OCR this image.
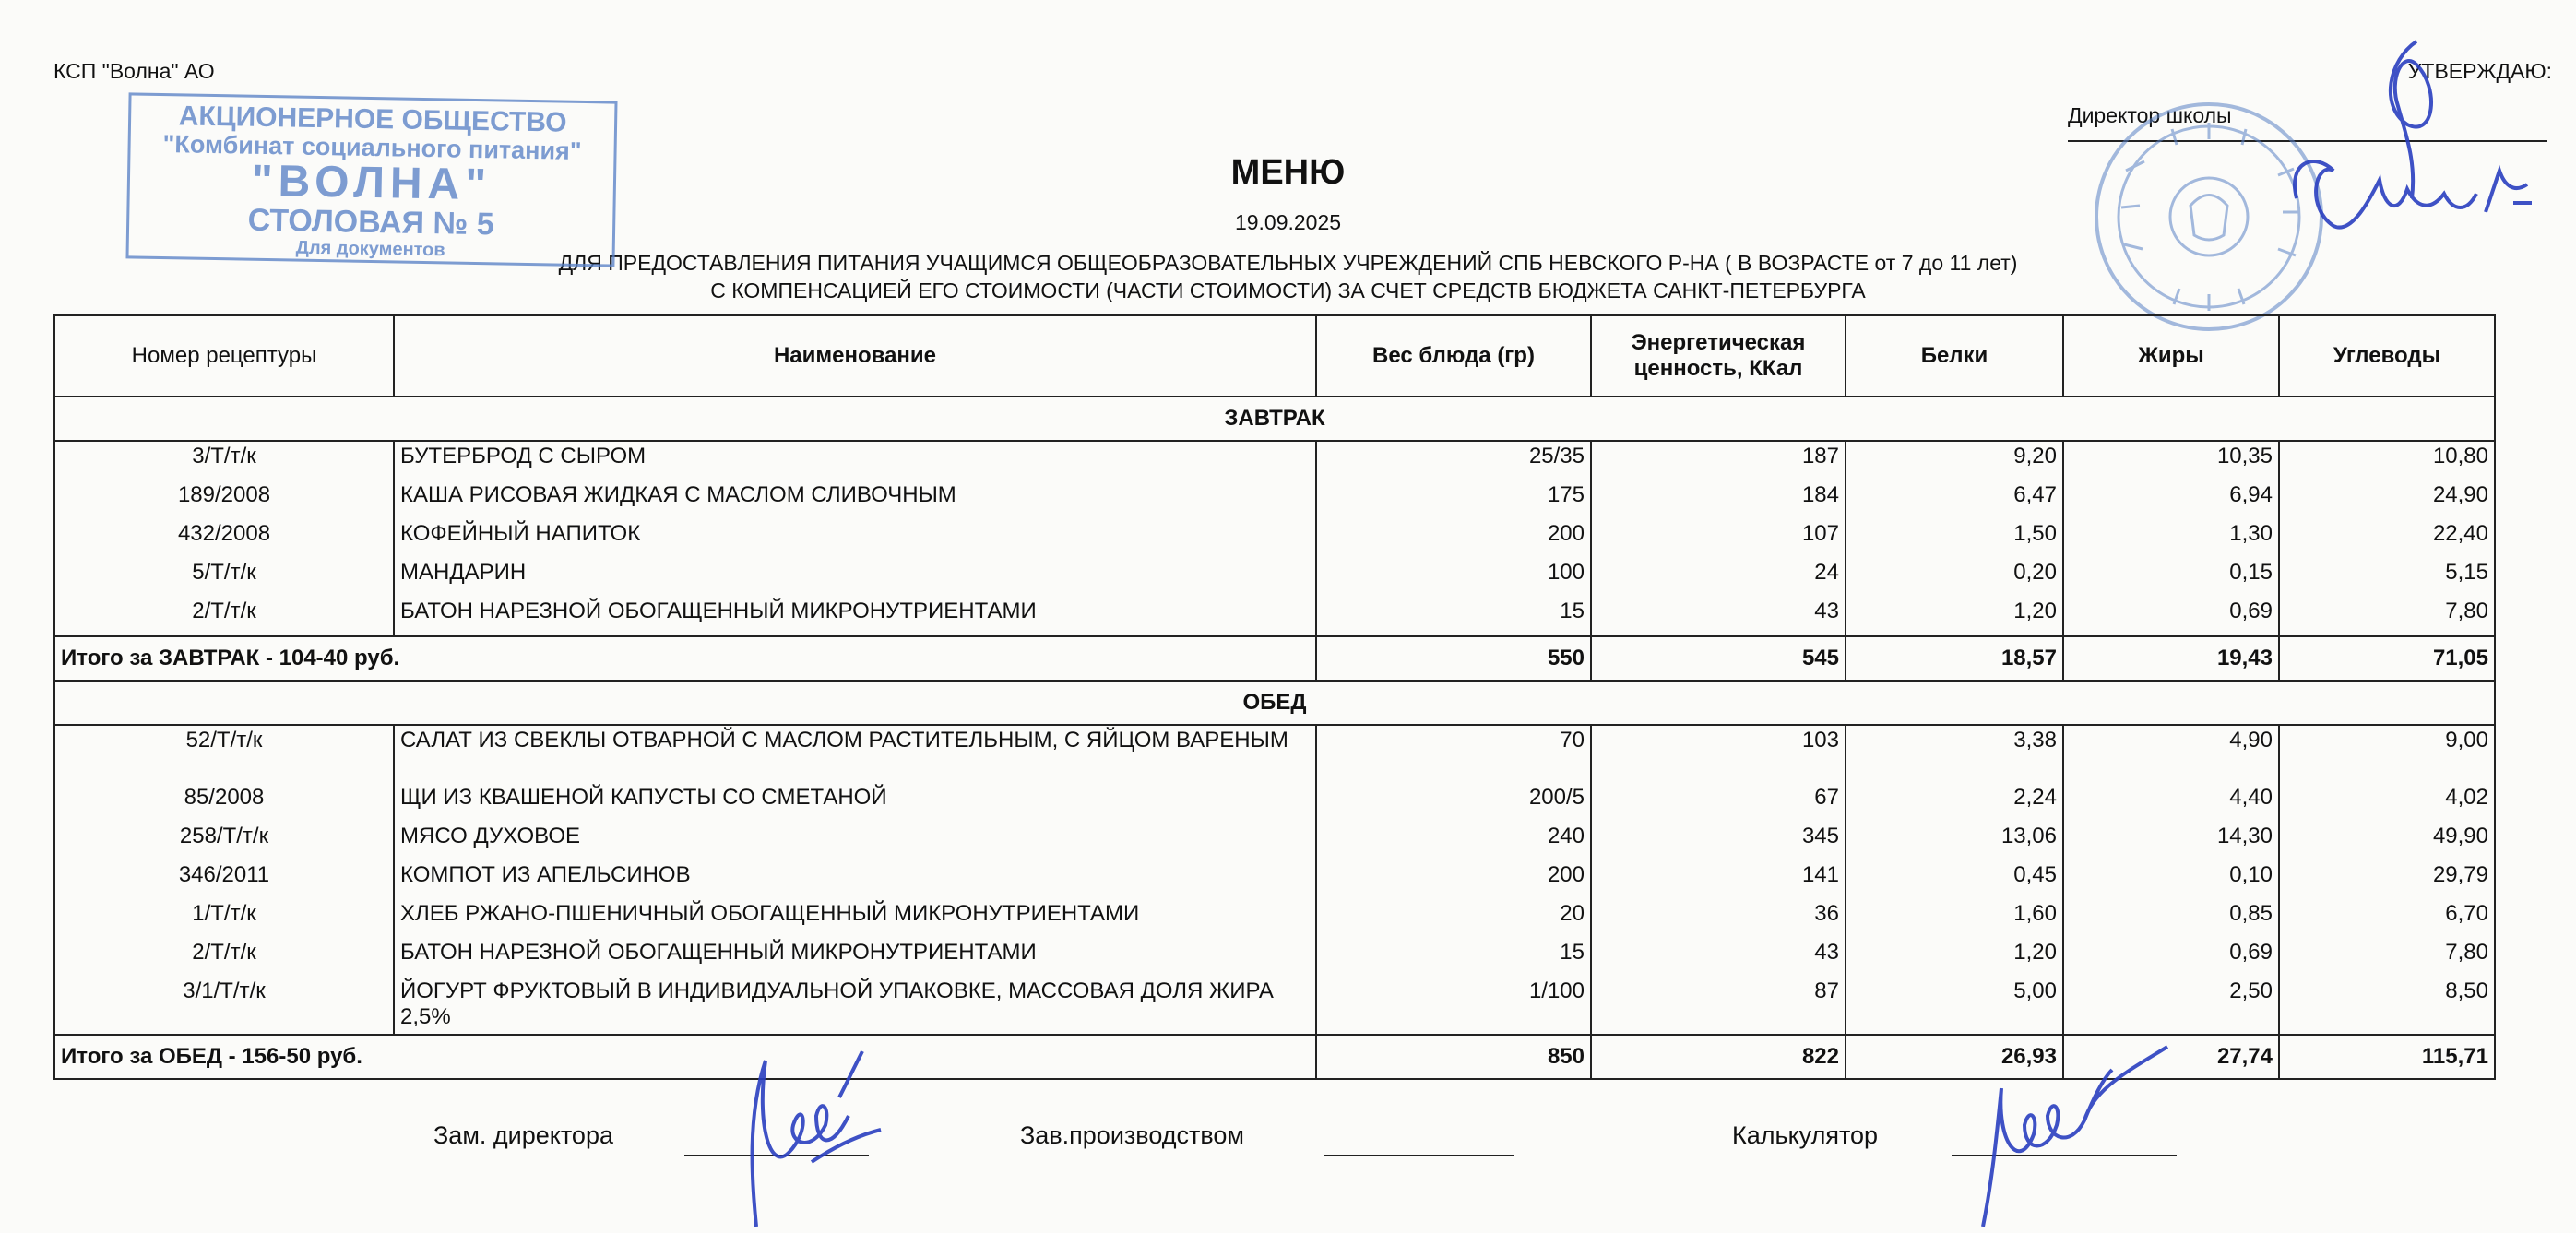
КСП "Волна" АО	УТВЕРЖДАЮ:
Директор школы
МЕНЮ
19.09.2025
ДЛЯ ПРЕДОСТАВЛЕНИЯ ПИТАНИЯ УЧАЩИМСЯ ОБЩЕОБРАЗОВАТЕЛЬНЫХ УЧРЕЖДЕНИЙ СПБ НЕВСКОГО Р-НА ( В ВОЗРАСТЕ от 7 до 11 лет)
С КОМПЕНСАЦИЕЙ ЕГО СТОИМОСТИ (ЧАСТИ СТОИМОСТИ) ЗА СЧЕТ СРЕДСТВ БЮДЖЕТА САНКТ-ПЕТЕРБУРГА
АКЦИОНЕРНОЕ ОБЩЕСТВО
"Комбинат социального питания"
"ВОЛНА"
СТОЛОВАЯ № 5
Для документов
Номер рецептуры	Наименование	Вес блюда (гр)	Энергетическая ценность, ККал	Белки	Жиры	Углеводы
ЗАВТРАК						
3/Т/т/к	БУТЕРБРОД С СЫРОМ	25/35	187	9,20	10,35	10,80
189/2008	КАША РИСОВАЯ ЖИДКАЯ С МАСЛОМ СЛИВОЧНЫМ	175	184	6,47	6,94	24,90
432/2008	КОФЕЙНЫЙ НАПИТОК	200	107	1,50	1,30	22,40
5/Т/т/к	МАНДАРИН	100	24	0,20	0,15	5,15
2/Т/т/к	БАТОН НАРЕЗНОЙ ОБОГАЩЕННЫЙ МИКРОНУТРИЕНТАМИ	15	43	1,20	0,69	7,80
Итого за ЗАВТРАК - 104-40 руб.		550	545	18,57	19,43	71,05
ОБЕД						
52/Т/т/к	САЛАТ ИЗ СВЕКЛЫ ОТВАРНОЙ С МАСЛОМ РАСТИТЕЛЬНЫМ, С ЯЙЦОМ ВАРЕНЫМ	70	103	3,38	4,90	9,00
85/2008	ЩИ ИЗ КВАШЕНОЙ КАПУСТЫ СО СМЕТАНОЙ	200/5	67	2,24	4,40	4,02
258/Т/т/к	МЯСО ДУХОВОЕ	240	345	13,06	14,30	49,90
346/2011	КОМПОТ ИЗ АПЕЛЬСИНОВ	200	141	0,45	0,10	29,79
1/Т/т/к	ХЛЕБ РЖАНО-ПШЕНИЧНЫЙ ОБОГАЩЕННЫЙ МИКРОНУТРИЕНТАМИ	20	36	1,60	0,85	6,70
2/Т/т/к	БАТОН НАРЕЗНОЙ ОБОГАЩЕННЫЙ МИКРОНУТРИЕНТАМИ	15	43	1,20	0,69	7,80
3/1/Т/т/к	ЙОГУРТ ФРУКТОВЫЙ В ИНДИВИДУАЛЬНОЙ УПАКОВКЕ, МАССОВАЯ ДОЛЯ ЖИРА 2,5%	1/100	87	5,00	2,50	8,50
Итого за ОБЕД - 156-50 руб.		850	822	26,93	27,74	115,71
Зам. директора	Зав.производством	Калькулятор
